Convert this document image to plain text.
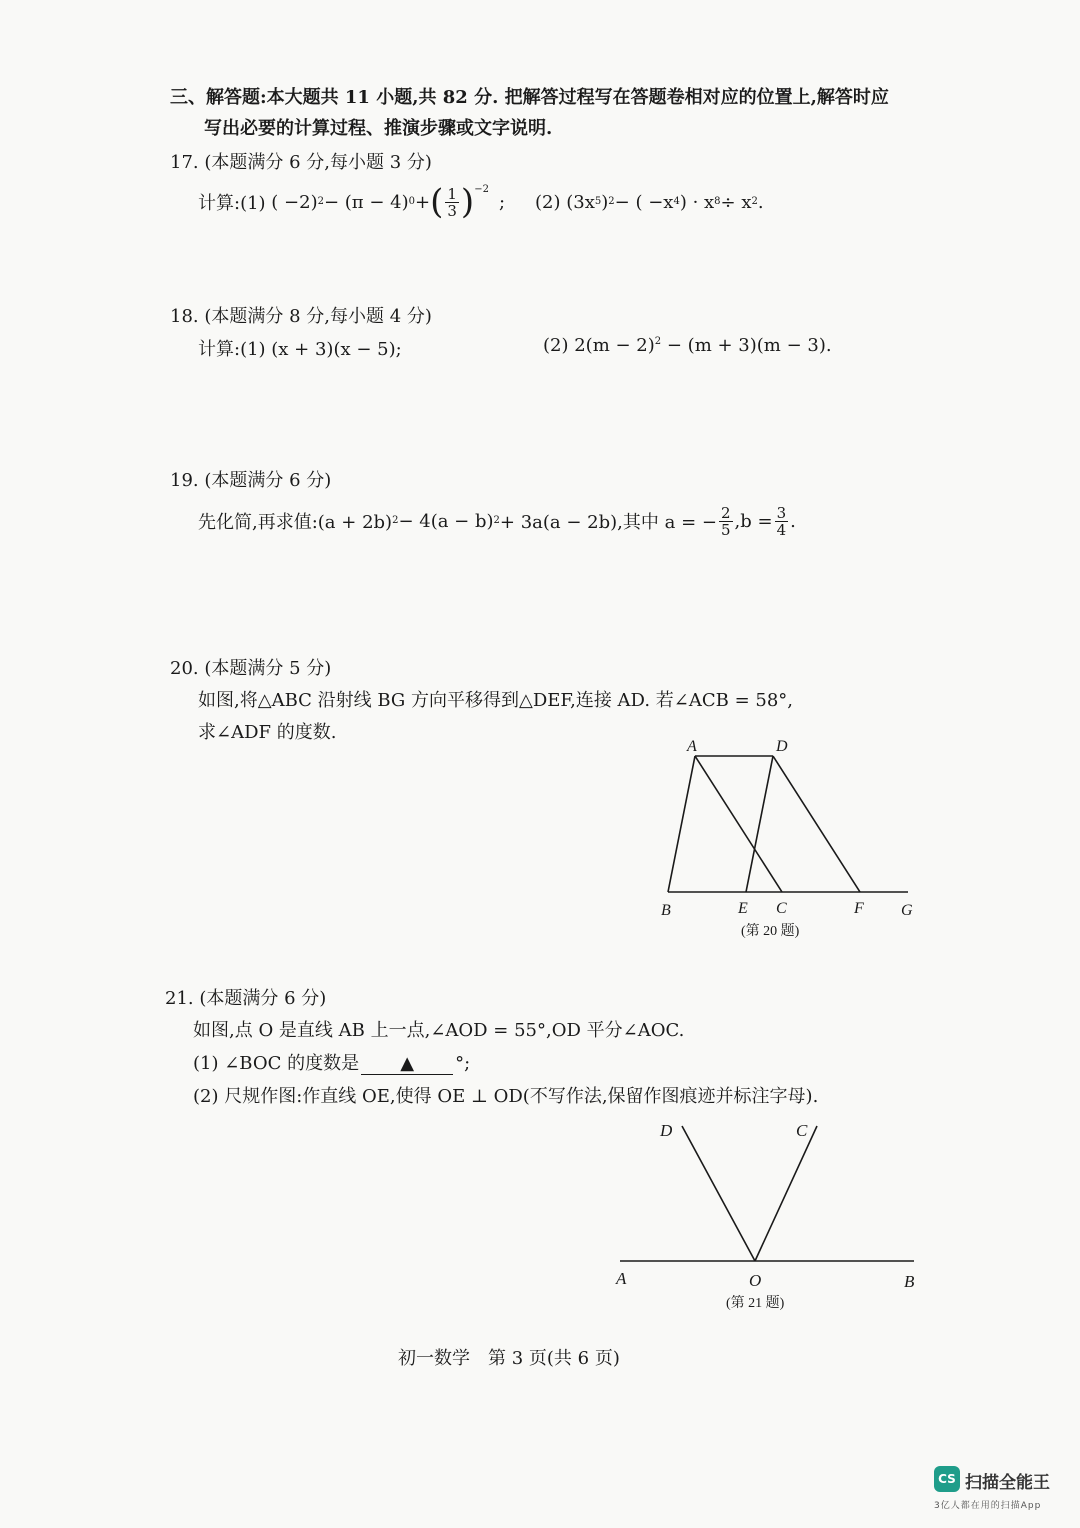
三、解答题:本大题共 11 小题,共 82 分. 把解答过程写在答题卷相对应的位置上,解答时应
写出必要的计算过程、推演步骤或文字说明.
17. (本题满分 6 分,每小题 3 分)
计算:(1)
( −2) 2 − (π − 4) 0 + ( $\frac{1}{3} )^{-2}$
; (2)
(3x 5 ) 2 − ( −x 4 ) · x 8 ÷ x 2 .
18. (本题满分 8 分,每小题 4 分)
计算:(1) (x + 3)(x − 5);	(2) $2(m - 2)^2 - (m + 3)(m - 3)$.
19. (本题满分 6 分)
先化简,再求值:(a + 2b) 2 − 4(a − b) 2 + 3a(a − 2b),其中 a = − $\frac{2}{5} ,b = \frac{3}{4}$ .
20. (本题满分 5 分)
如图,将△ABC 沿射线 BG 方向平移得到△DEF,连接 AD. 若∠ACB = 58°,
求∠ADF 的度数.
A	D
B	E C	F G
(第 20 题)
21. (本题满分 6 分)
如图,点 O 是直线 AB 上一点,∠AOD = 55°,OD 平分∠AOC.
(1) ∠BOC 的度数是 ▲ °;
(2) 尺规作图:作直线 OE,使得 OE ⊥ OD(不写作法,保留作图痕迹并标注字母).
D	C
A	O	B
(第 21 题)
初一数学　第 3 页(共 6 页)
CS 扫描全能王
3亿人都在用的扫描App
